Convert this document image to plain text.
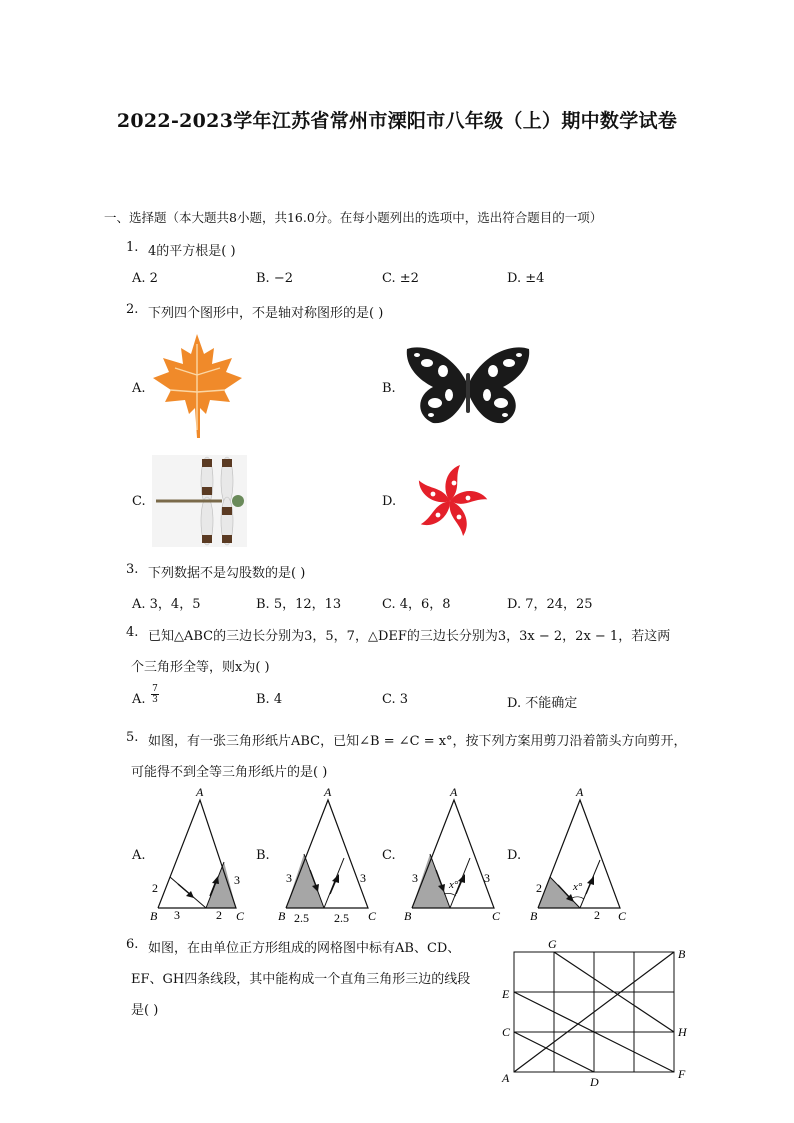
2022-2023学年江苏省常州市溧阳市八年级（上）期中数学试卷
一、选择题（本大题共8小题，共16.0分。在每小题列出的选项中，选出符合题目的一项）
1. 4的平方根是( )
A. 2	B. −2	C. ±2	D. ±4
2. 下列四个图形中，不是轴对称图形的是( )
A.	B.
C.	D.
3. 下列数据不是勾股数的是( )
A. 3，4，5	B. 5，12，13	C. 4，6，8	D. 7，24，25
4. 已知△ABC的三边长分别为3，5，7，△DEF的三边长分别为3，3x − 2，2x − 1，若这两
个三角形全等，则x为( )
A. $\frac{7}{3}$	B. 4	C. 3	D. 不能确定
5. 如图，有一张三角形纸片ABC，已知∠B = ∠C = x°，按下列方案用剪刀沿着箭头方向剪开，
可能得不到全等三角形纸片的是( )
A.	B.	C.	D.
A
B	C
2
3	2
3
A
B	C
3	3
2.5 2.5
A
B	C
3	3
x°
A
B	C
2
2
x°
6. 如图，在由单位正方形组成的网格图中标有AB、CD、
EF、GH四条线段，其中能构成一个直角三角形三边的线段
是( )
A
B
C
D
E
F
G
H
